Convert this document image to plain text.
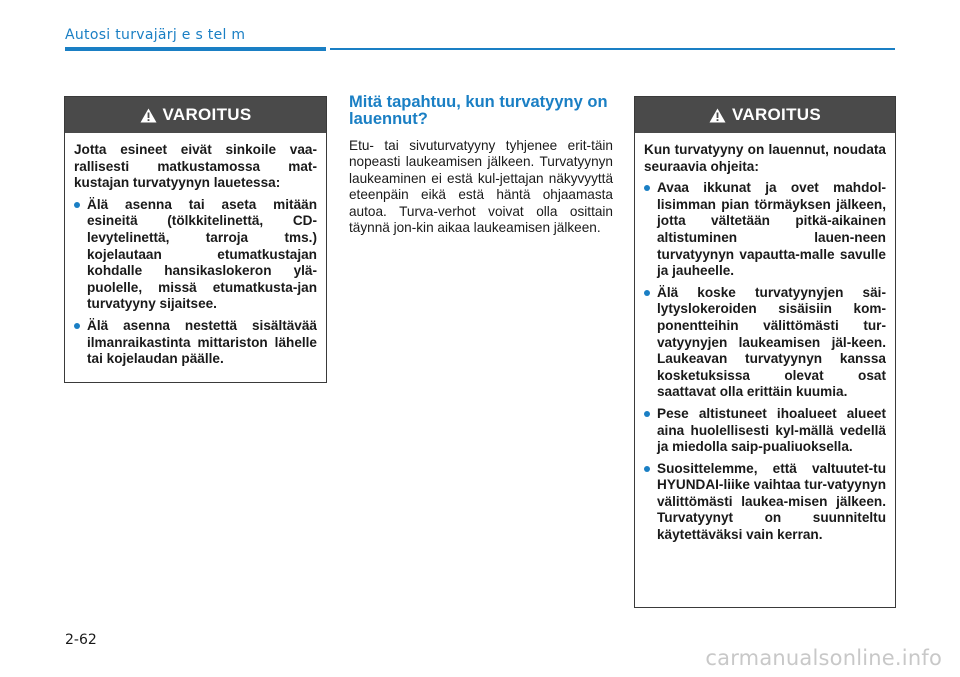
Autosi turvajärj e s tel m
VAROITUS

Jotta esineet eivät sinkoile vaa-rallisesti matkustamossa mat-kustajan turvatyynyn lauetessa:

Älä asenna tai aseta mitään esineitä (tölkkitelinettä, CD-levytelinettä, tarroja tms.) kojelautaan etumatkustajan kohdalle hansikaslokeron ylä-puolelle, missä etumatkusta-jan turvatyyny sijaitsee.
Älä asenna nestettä sisältävää ilmanraikastinta mittariston lähelle tai kojelaudan päälle.
Mitä tapahtuu, kun turvatyyny on lauennut?

Etu- tai sivuturvatyyny tyhjenee erit-täin nopeasti laukeamisen jälkeen. Turvatyynyn laukeaminen ei estä kul-jettajan näkyvyyttä eteenpäin eikä estä häntä ohjaamasta autoa. Turva-verhot voivat olla osittain täynnä jon-kin aikaa laukeamisen jälkeen.

VAROITUS

Kun turvatyyny on lauennut, noudata seuraavia ohjeita:

Avaa ikkunat ja ovet mahdol-lisimman pian törmäyksen jälkeen, jotta vältetään pitkä-aikainen altistuminen lauen-neen turvatyynyn vapautta-malle savulle ja jauheelle.
Älä koske turvatyynyjen säi-lytyslokeroiden sisäisiin kom-ponentteihin välittömästi tur-vatyynyjen laukeamisen jäl-keen. Laukeavan turvatyynyn kanssa kosketuksissa olevat osat saattavat olla erittäin kuumia.
Pese altistuneet ihoalueet alueet aina huolellisesti kyl-mällä vedellä ja miedolla saip-pualiuoksella.
Suosittelemme, että valtuutet-tu HYUNDAI-liike vaihtaa tur-vatyynyn välittömästi laukea-misen jälkeen. Turvatyynyt on suunniteltu käytettäväksi vain kerran.
2-62
carmanualsonline.info
